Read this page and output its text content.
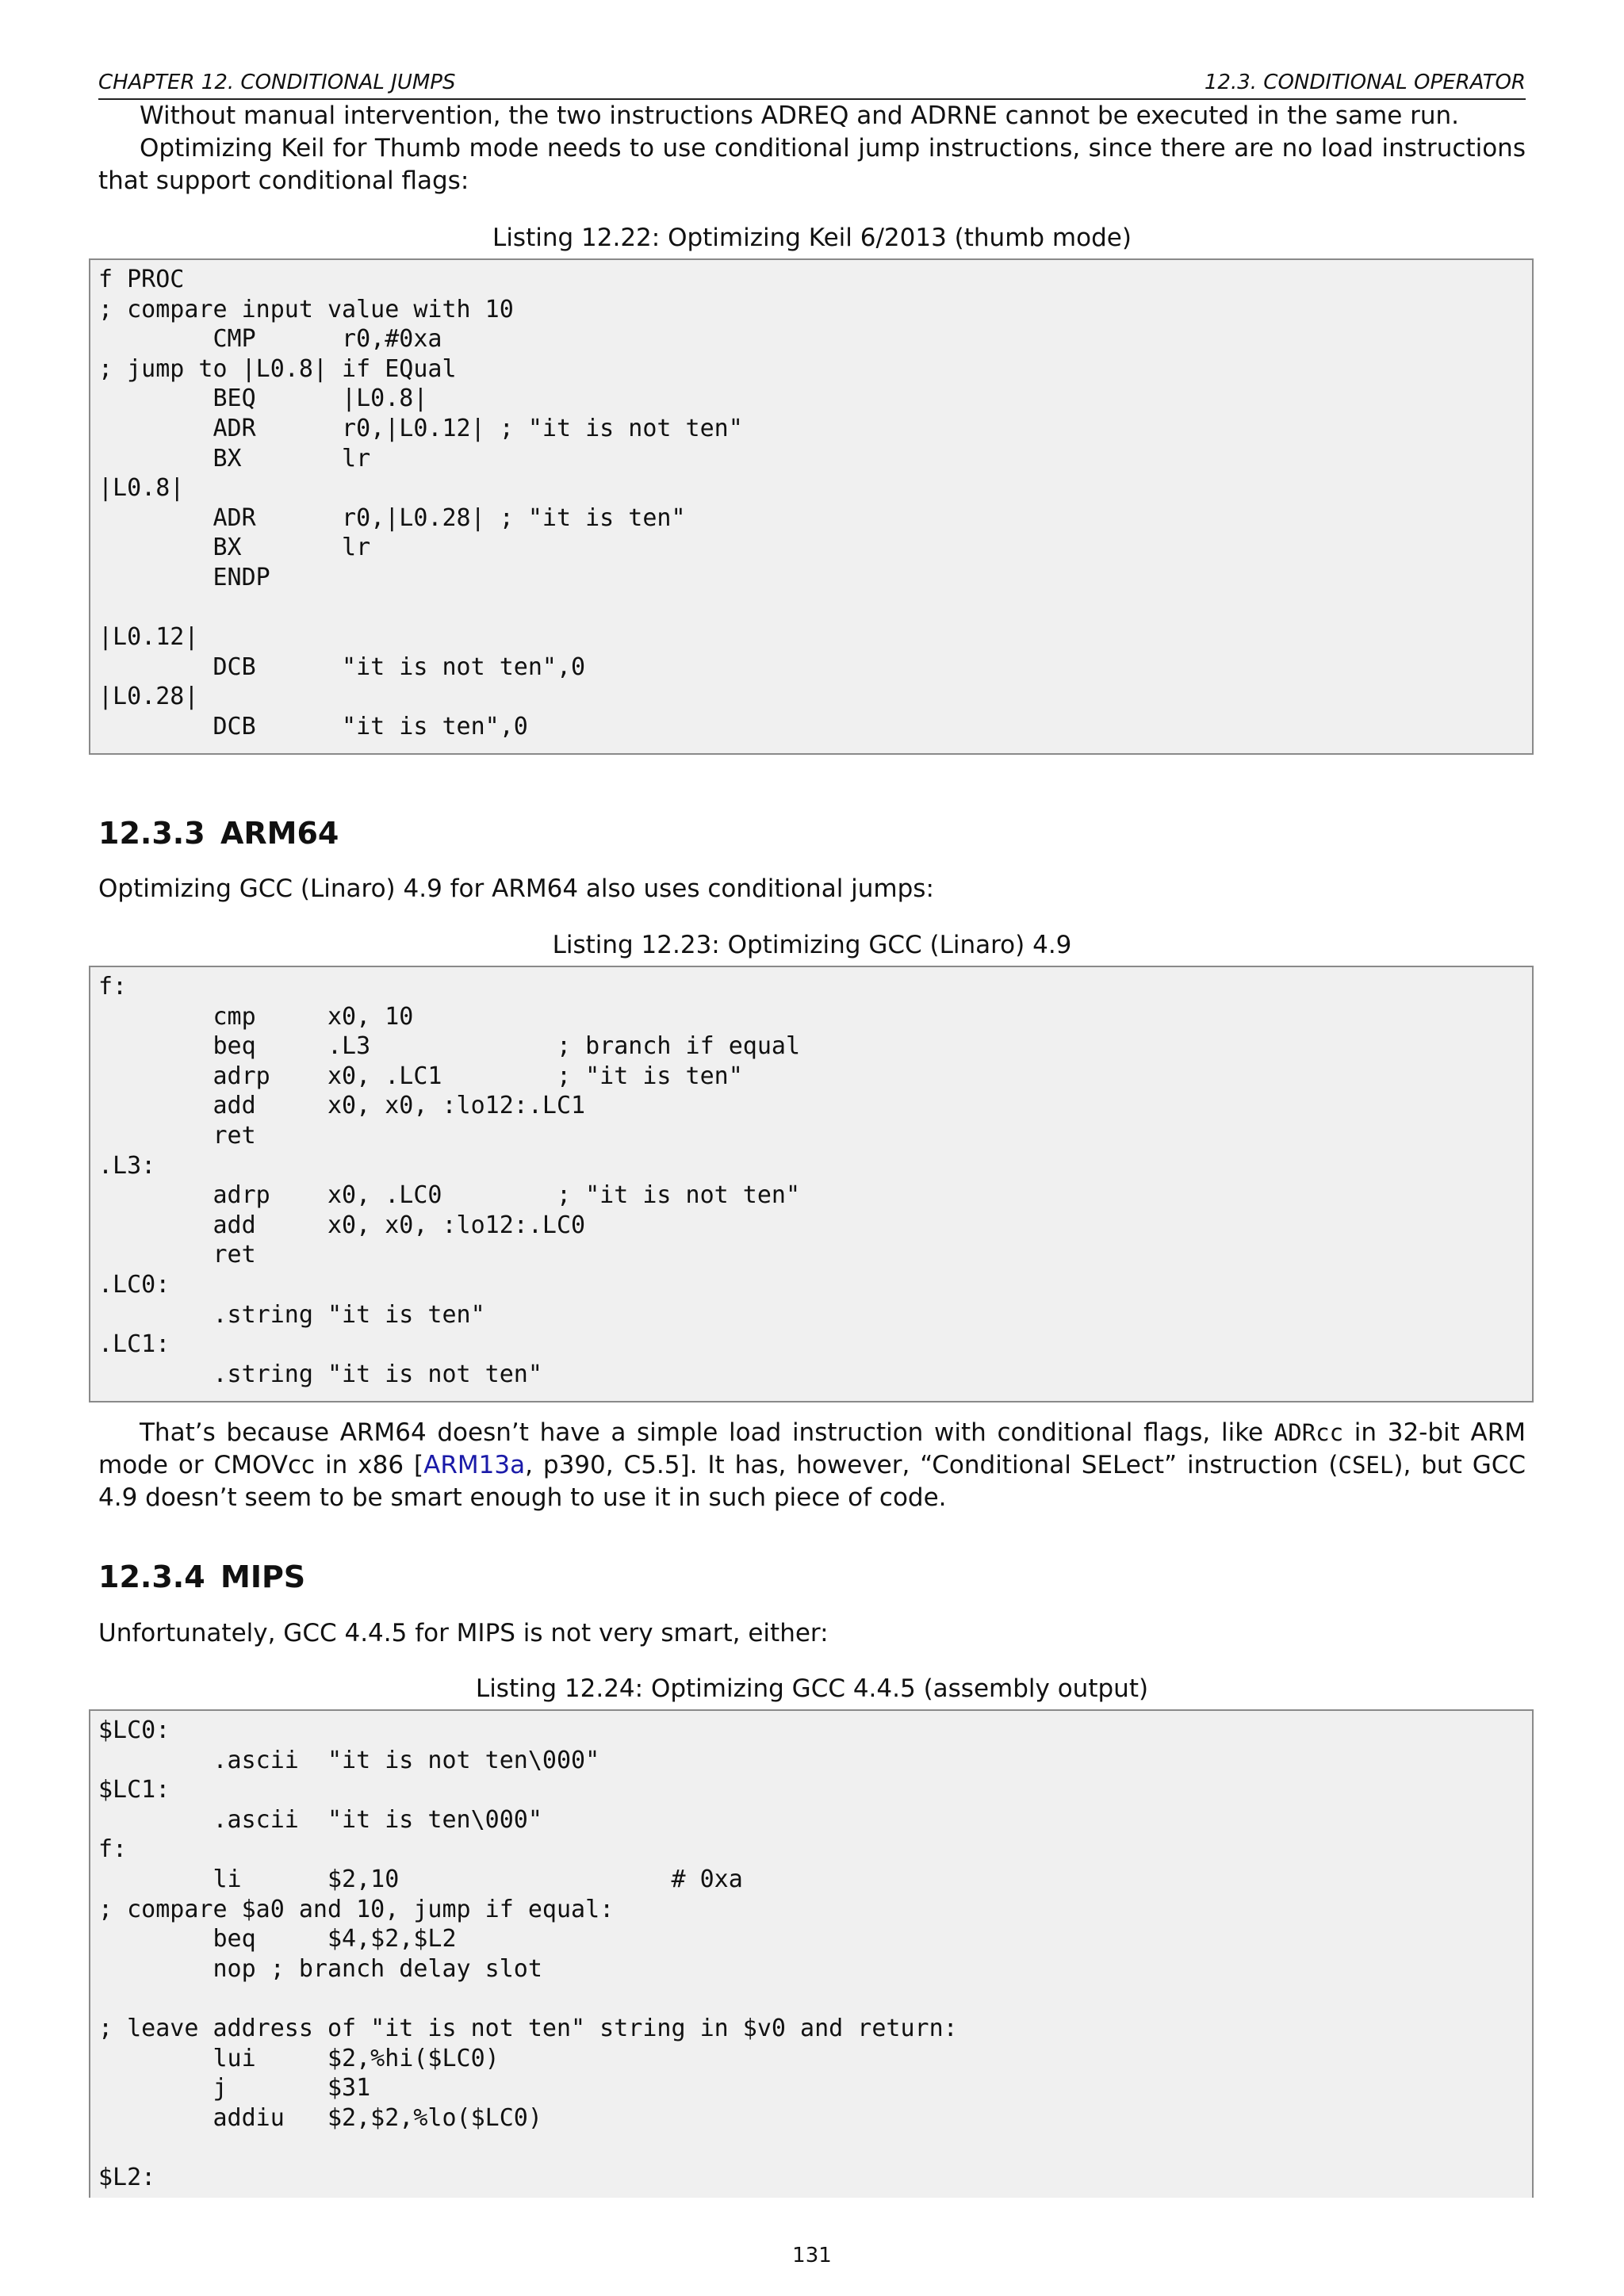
CHAPTER 12. CONDITIONAL JUMPS	12.3. CONDITIONAL OPERATOR

Without manual intervention, the two instructions ADREQ and ADRNE cannot be executed in the same run.

Optimizing Keil for Thumb mode needs to use conditional jump instructions, since there are no load instructions that support conditional flags:

Listing 12.22: Optimizing Keil 6/2013 (thumb mode)
f PROC
; compare input value with 10
CMP      r0,#0xa
; jump to |L0.8| if EQual
BEQ      |L0.8|
ADR      r0,|L0.12| ; "it is not ten"
BX       lr
|L0.8|
ADR      r0,|L0.28| ; "it is ten"
BX       lr
ENDP
|L0.12|
DCB      "it is not ten",0
|L0.28|
DCB      "it is ten",0
12.3.3 ARM64

Optimizing GCC (Linaro) 4.9 for ARM64 also uses conditional jumps:

Listing 12.23: Optimizing GCC (Linaro) 4.9
f:
cmp     x0, 10
beq     .L3             ; branch if equal
adrp    x0, .LC1        ; "it is ten"
add     x0, x0, :lo12:.LC1
ret
.L3:
adrp    x0, .LC0        ; "it is not ten"
add     x0, x0, :lo12:.LC0
ret
.LC0:
.string "it is ten"
.LC1:
.string "it is not ten"

That’s because ARM64 doesn’t have a simple load instruction with conditional flags, like ADRcc in 32-bit ARM mode or CMOVcc in x86 [ARM13a, p390, C5.5]. It has, however, “Conditional SELect” instruction (CSEL), but GCC 4.9 doesn’t seem to be smart enough to use it in such piece of code.

12.3.4 MIPS

Unfortunately, GCC 4.4.5 for MIPS is not very smart, either:

Listing 12.24: Optimizing GCC 4.4.5 (assembly output)
$LC0:
.ascii  "it is not ten\000"
$LC1:
.ascii  "it is ten\000"
f:
li      $2,10                   # 0xa
; compare $a0 and 10, jump if equal:
beq     $4,$2,$L2
nop ; branch delay slot
; leave address of "it is not ten" string in $v0 and return:
lui     $2,%hi($LC0)
j       $31
addiu   $2,$2,%lo($LC0)
$L2:
131
